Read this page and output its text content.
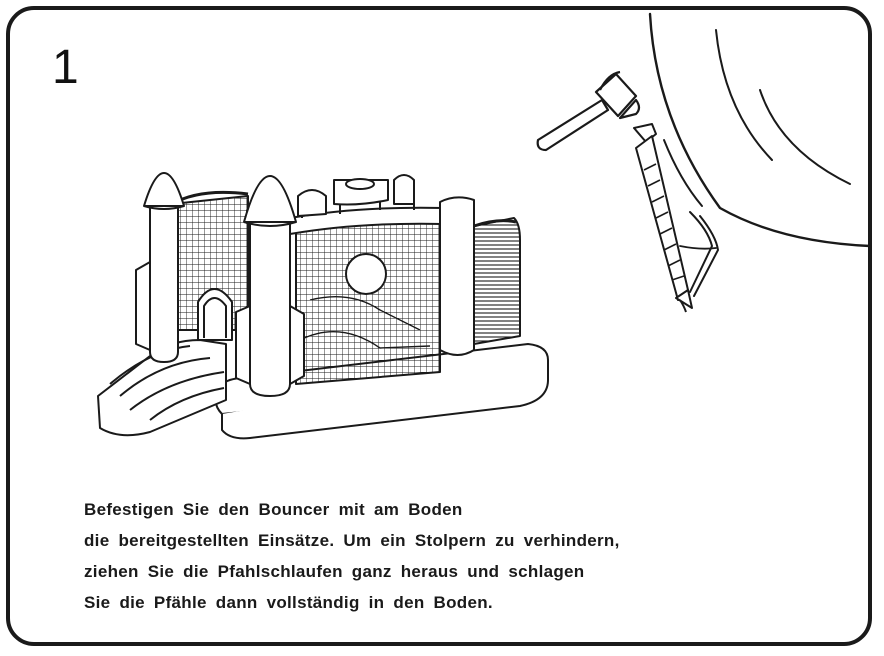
1
Befestigen Sie den Bouncer mit am Boden
die bereitgestellten Einsätze. Um ein Stolpern zu verhindern,
ziehen Sie die Pfahlschlaufen ganz heraus und schlagen
Sie die Pfähle dann vollständig in den Boden.
